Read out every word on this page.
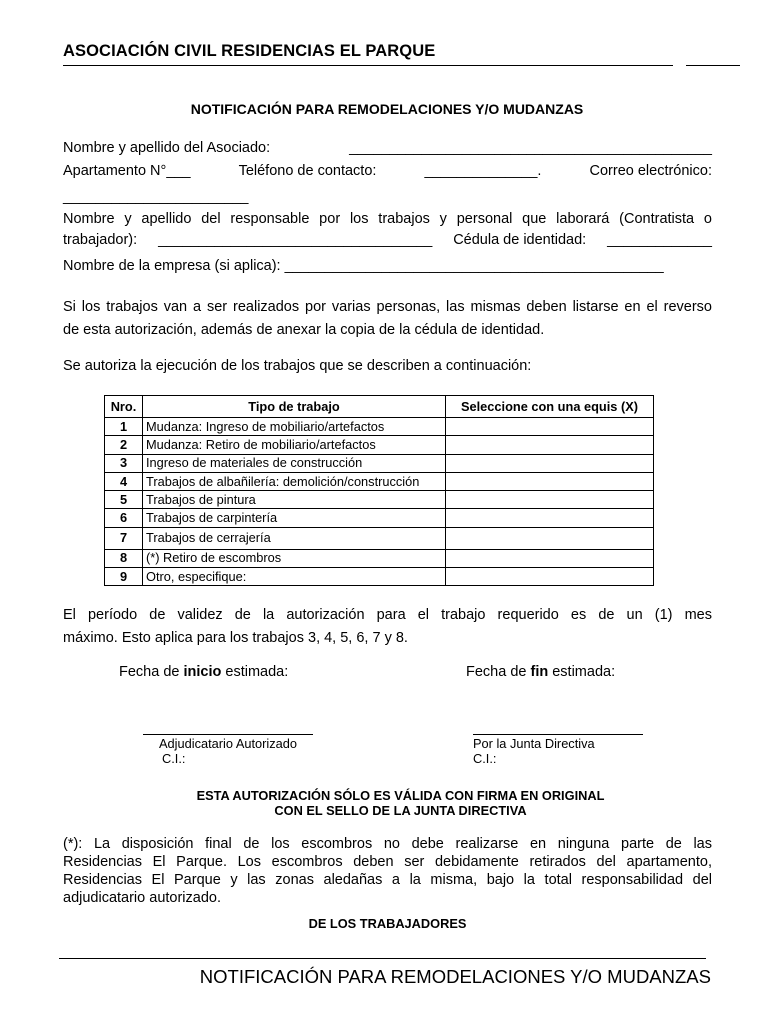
ASOCIACIÓN CIVIL RESIDENCIAS EL PARQUE
NOTIFICACIÓN PARA REMODELACIONES Y/O MUDANZAS
Nombre y apellido del Asociado:	_____________________________________________
Apartamento N°___	Teléfono de contacto:	______________.	Correo electrónico:
_______________________
Nombre y apellido del responsable por los trabajos y personal que laborará (Contratista o
trabajador): __________________________________ Cédula de identidad: _____________
Nombre de la empresa (si aplica): _______________________________________________
Si los trabajos van a ser realizados por varias personas, las mismas deben listarse en el reverso
de esta autorización, además de anexar la copia de la cédula de identidad.
Se autoriza la ejecución de los trabajos que se describen a continuación:
Nro.	Tipo de trabajo	Seleccione con una equis (X)
1	Mudanza: Ingreso de mobiliario/artefactos	
2	Mudanza: Retiro de mobiliario/artefactos	
3	Ingreso de materiales de construcción	
4	Trabajos de albañilería: demolición/construcción	
5	Trabajos de pintura	
6	Trabajos de carpintería	
7	Trabajos de cerrajería	
8	(*) Retiro de escombros	
9	Otro, especifique:	
El período de validez de la autorización para el trabajo requerido es de un (1) mes
máximo. Esto aplica para los trabajos 3, 4, 5, 6, 7 y 8.
Fecha de inicio estimada:	Fecha de fin estimada:
Adjudicatario Autorizado
C.I.:
Por la Junta Directiva
C.I.:
ESTA AUTORIZACIÓN SÓLO ES VÁLIDA CON FIRMA EN ORIGINAL
CON EL SELLO DE LA JUNTA DIRECTIVA
(*): La disposición final de los escombros no debe realizarse en ninguna parte de las
Residencias El Parque. Los escombros deben ser debidamente retirados del apartamento,
Residencias El Parque y las zonas aledañas a la misma, bajo la total responsabilidad del
adjudicatario autorizado.
DE LOS TRABAJADORES
NOTIFICACIÓN PARA REMODELACIONES Y/O MUDANZAS
